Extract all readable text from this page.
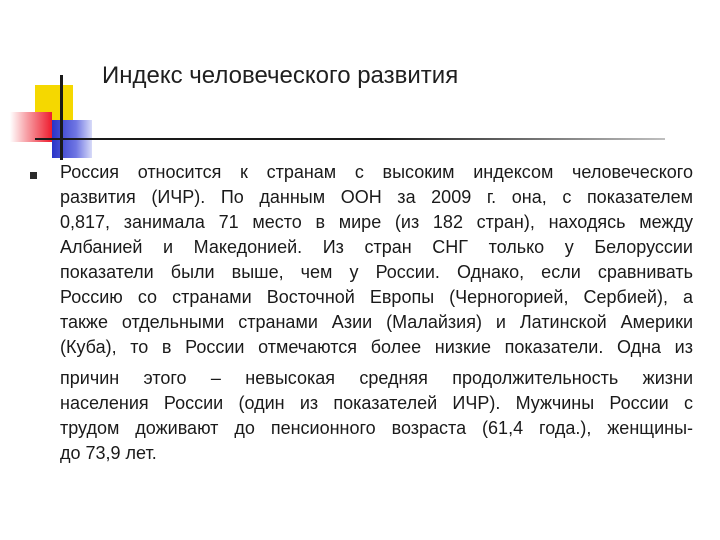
Индекс человеческого развития
Россия относится к странам с высоким индексом человеческого
развития (ИЧР). По данным ООН за 2009 г. она, с показателем
0,817, занимала 71 место в мире (из 182 стран), находясь между
Албанией и Македонией. Из стран СНГ только у Белоруссии
показатели были выше, чем у России. Однако, если сравнивать
Россию со странами Восточной Европы (Черногорией, Сербией), а
также отдельными странами Азии (Малайзия) и Латинской Америки
(Куба), то в России отмечаются более низкие показатели. Одна из
причин этого – невысокая средняя продолжительность жизни
населения России (один из показателей ИЧР). Мужчины России с
трудом доживают до пенсионного возраста (61,4 года.), женщины-
до 73,9 лет.
